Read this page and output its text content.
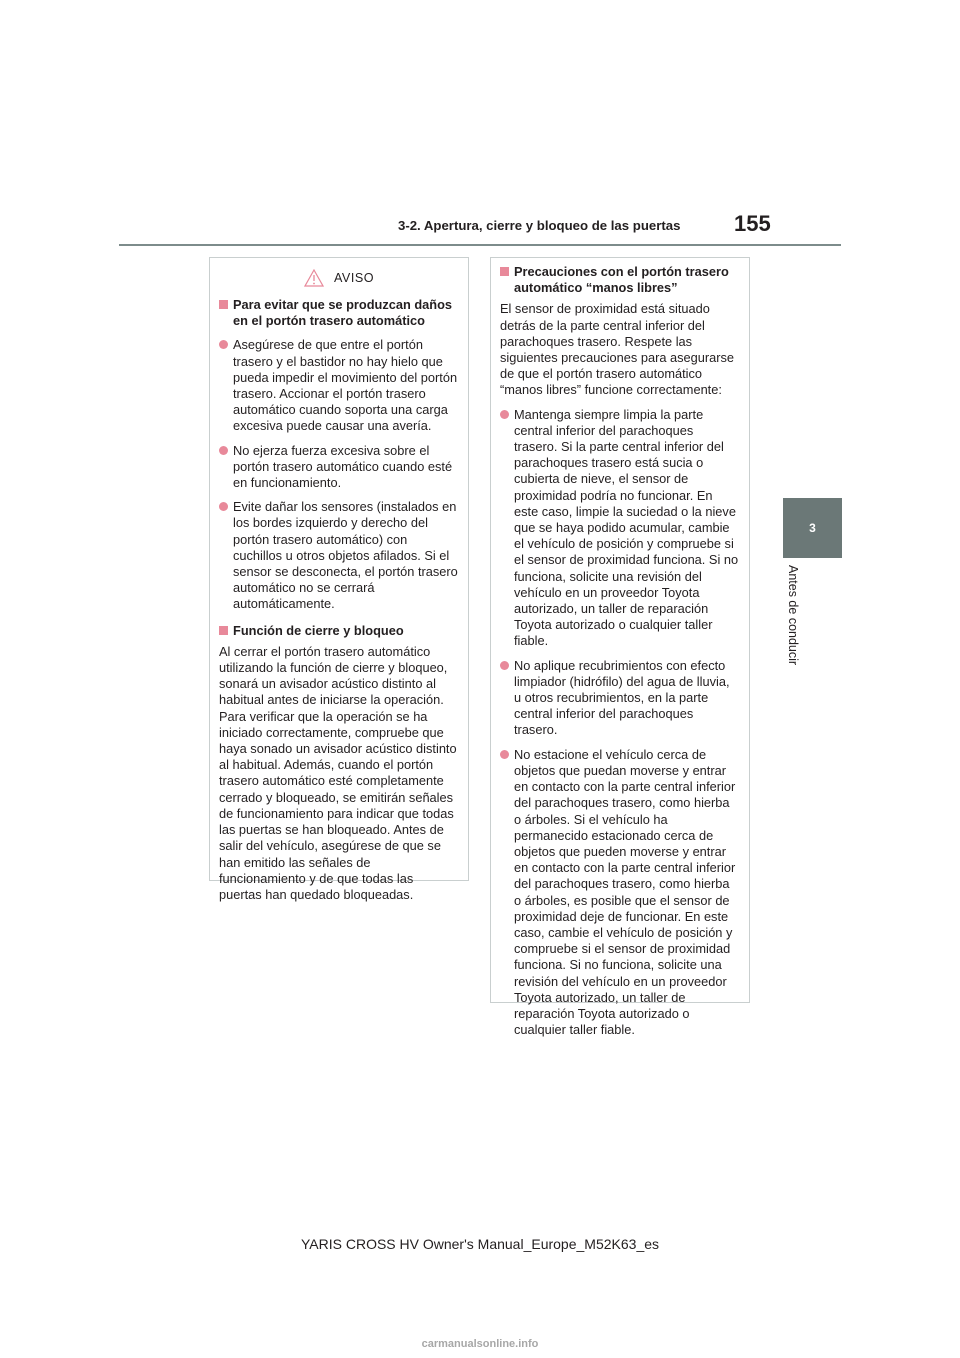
3-2. Apertura, cierre y bloqueo de las puertas 155
3
Antes de conducir
AVISO
Para evitar que se produzcan daños en el portón trasero automático
Asegúrese de que entre el portón trasero y el bastidor no hay hielo que pueda impedir el movimiento del portón trasero. Accionar el portón trasero automático cuando soporta una carga excesiva puede causar una avería.
No ejerza fuerza excesiva sobre el portón trasero automático cuando esté en funcionamiento.
Evite dañar los sensores (instalados en los bordes izquierdo y derecho del portón trasero automático) con cuchillos u otros objetos afilados. Si el sensor se desconecta, el portón trasero automático no se cerrará automáticamente.
Función de cierre y bloqueo
Al cerrar el portón trasero automático utilizando la función de cierre y bloqueo, sonará un avisador acústico distinto al habitual antes de iniciarse la operación. Para verificar que la operación se ha iniciado correctamente, compruebe que haya sonado un avisador acústico distinto al habitual. Además, cuando el portón trasero automático esté completamente cerrado y bloqueado, se emitirán señales de funcionamiento para indicar que todas las puertas se han bloqueado. Antes de salir del vehículo, asegúrese de que se han emitido las señales de funcionamiento y de que todas las puertas han quedado bloqueadas.
Precauciones con el portón trasero automático “manos libres”
El sensor de proximidad está situado detrás de la parte central inferior del parachoques trasero. Respete las siguientes precauciones para asegurarse de que el portón trasero automático “manos libres” funcione correctamente:
Mantenga siempre limpia la parte central inferior del parachoques trasero. Si la parte central inferior del parachoques trasero está sucia o cubierta de nieve, el sensor de proximidad podría no funcionar. En este caso, limpie la suciedad o la nieve que se haya podido acumular, cambie el vehículo de posición y compruebe si el sensor de proximidad funciona. Si no funciona, solicite una revisión del vehículo en un proveedor Toyota autorizado, un taller de reparación Toyota autorizado o cualquier taller fiable.
No aplique recubrimientos con efecto limpiador (hidrófilo) del agua de lluvia, u otros recubrimientos, en la parte central inferior del parachoques trasero.
No estacione el vehículo cerca de objetos que puedan moverse y entrar en contacto con la parte central inferior del parachoques trasero, como hierba o árboles. Si el vehículo ha permanecido estacionado cerca de objetos que pueden moverse y entrar en contacto con la parte central inferior del parachoques trasero, como hierba o árboles, es posible que el sensor de proximidad deje de funcionar. En este caso, cambie el vehículo de posición y compruebe si el sensor de proximidad funciona. Si no funciona, solicite una revisión del vehículo en un proveedor Toyota autorizado, un taller de reparación Toyota autorizado o cualquier taller fiable.
YARIS CROSS HV Owner's Manual_Europe_M52K63_es
carmanualsonline.info
